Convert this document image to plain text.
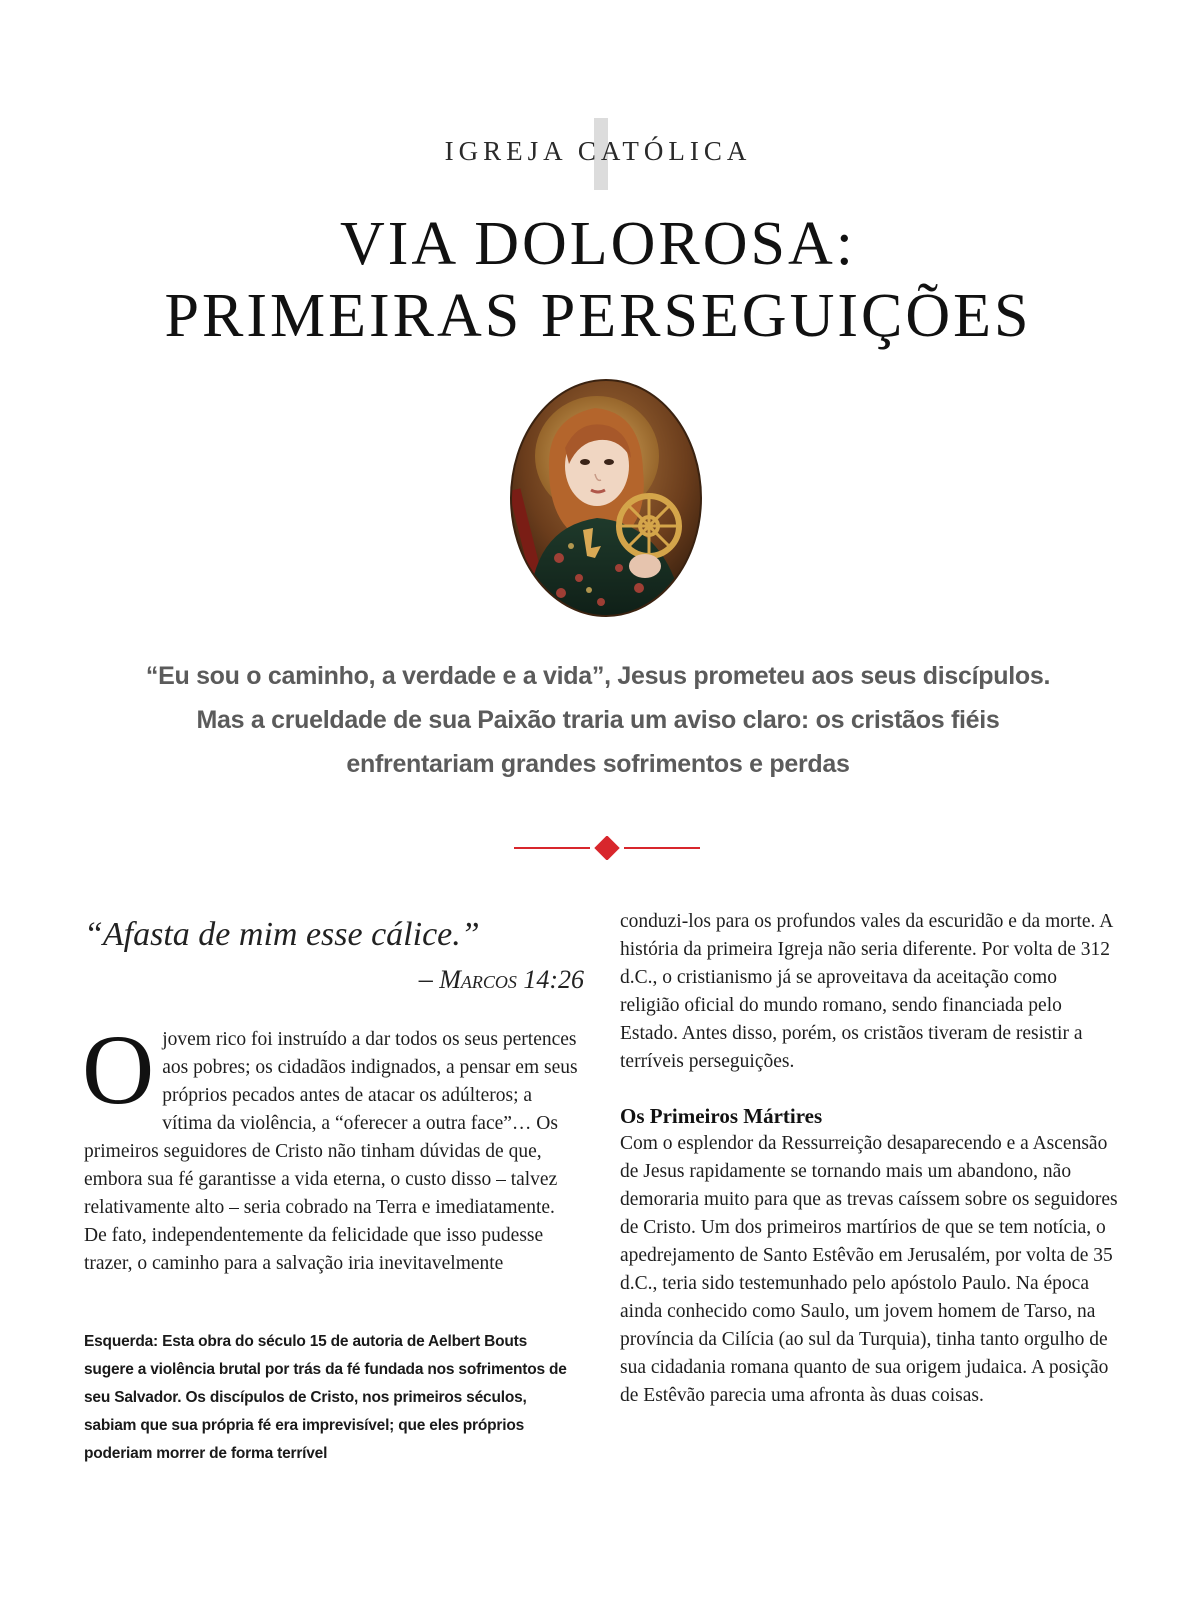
IGREJA CATÓLICA
VIA DOLOROSA:
PRIMEIRAS PERSEGUIÇÕES

“Eu sou o caminho, a verdade e a vida”, Jesus prometeu aos seus discípulos. Mas a crueldade de sua Paixão traria um aviso claro: os cristãos fiéis enfrentariam grandes sofrimentos e perdas

“Afasta de mim esse cálice.”
– Marcos 14:26
O jovem rico foi instruído a dar todos os seus pertences aos pobres; os cidadãos indignados, a pensar em seus próprios pecados antes de atacar os adúlteros; a vítima da violência, a “oferecer a outra face”… Os primeiros seguidores de Cristo não tinham dúvidas de que, embora sua fé garantisse a vida eterna, o custo disso – talvez relativamente alto – seria cobrado na Terra e imediatamente. De fato, independentemente da felicidade que isso pudesse trazer, o caminho para a salvação iria inevitavelmente

Esquerda: Esta obra do século 15 de autoria de Aelbert Bouts sugere a violência brutal por trás da fé fundada nos sofrimentos de seu Salvador. Os discípulos de Cristo, nos primeiros séculos, sabiam que sua própria fé era imprevisível; que eles próprios poderiam morrer de forma terrível

conduzi-los para os profundos vales da escuridão e da morte. A história da primeira Igreja não seria diferente. Por volta de 312 d.C., o cristianismo já se aproveitava da aceitação como religião oficial do mundo romano, sendo financiada pelo Estado. Antes disso, porém, os cristãos tiveram de resistir a terríveis perseguições.

Os Primeiros Mártires

Com o esplendor da Ressurreição desaparecendo e a Ascensão de Jesus rapidamente se tornando mais um abandono, não demoraria muito para que as trevas caíssem sobre os seguidores de Cristo. Um dos primeiros martírios de que se tem notícia, o apedrejamento de Santo Estêvão em Jerusalém, por volta de 35 d.C., teria sido testemunhado pelo apóstolo Paulo. Na época ainda conhecido como Saulo, um jovem homem de Tarso, na província da Cilícia (ao sul da Turquia), tinha tanto orgulho de sua cidadania romana quanto de sua origem judaica. A posição de Estêvão parecia uma afronta às duas coisas.
